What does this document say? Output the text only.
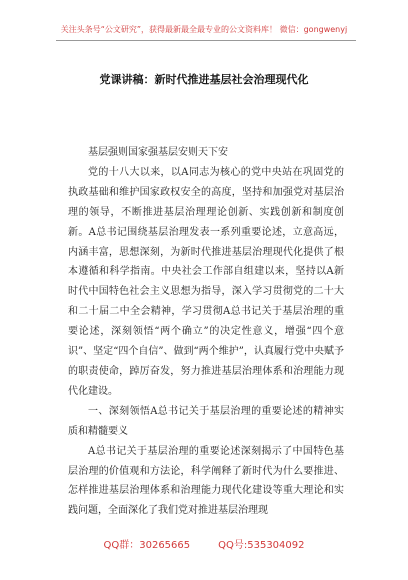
关注头条号“公文研究”，获得最新最全最专业的公文资料库！ 微信：gongwenyj
党课讲稿：新时代推进基层社会治理现代化

基层强则国家强基层安则天下安

党的十八大以来，以A同志为核心的党中央站在巩固党的执政基础和维护国家政权安全的高度，坚持和加强党对基层治理的领导，不断推进基层治理理论创新、实践创新和制度创新。A总书记围绕基层治理发表一系列重要论述，立意高远，内涵丰富，思想深刻，为新时代推进基层治理现代化提供了根本遵循和科学指南。中央社会工作部自组建以来，坚持以A新时代中国特色社会主义思想为指导，深入学习贯彻党的二十大和二十届二中全会精神，学习贯彻A总书记关于基层治理的重要论述，深刻领悟“两个确立”的决定性意义，增强“四个意识”、坚定“四个自信”、做到“两个维护”，认真履行党中央赋予的职责使命，踔厉奋发，努力推进基层治理体系和治理能力现代化建设。

一、深刻领悟A总书记关于基层治理的重要论述的精神实质和精髓要义

A总书记关于基层治理的重要论述深刻揭示了中国特色基层治理的价值观和方法论，科学阐释了新时代为什么要推进、怎样推进基层治理体系和治理能力现代化建设等重大理论和实践问题，全面深化了我们党对推进基层治理现

QQ群：30265665	QQ号:535304092
